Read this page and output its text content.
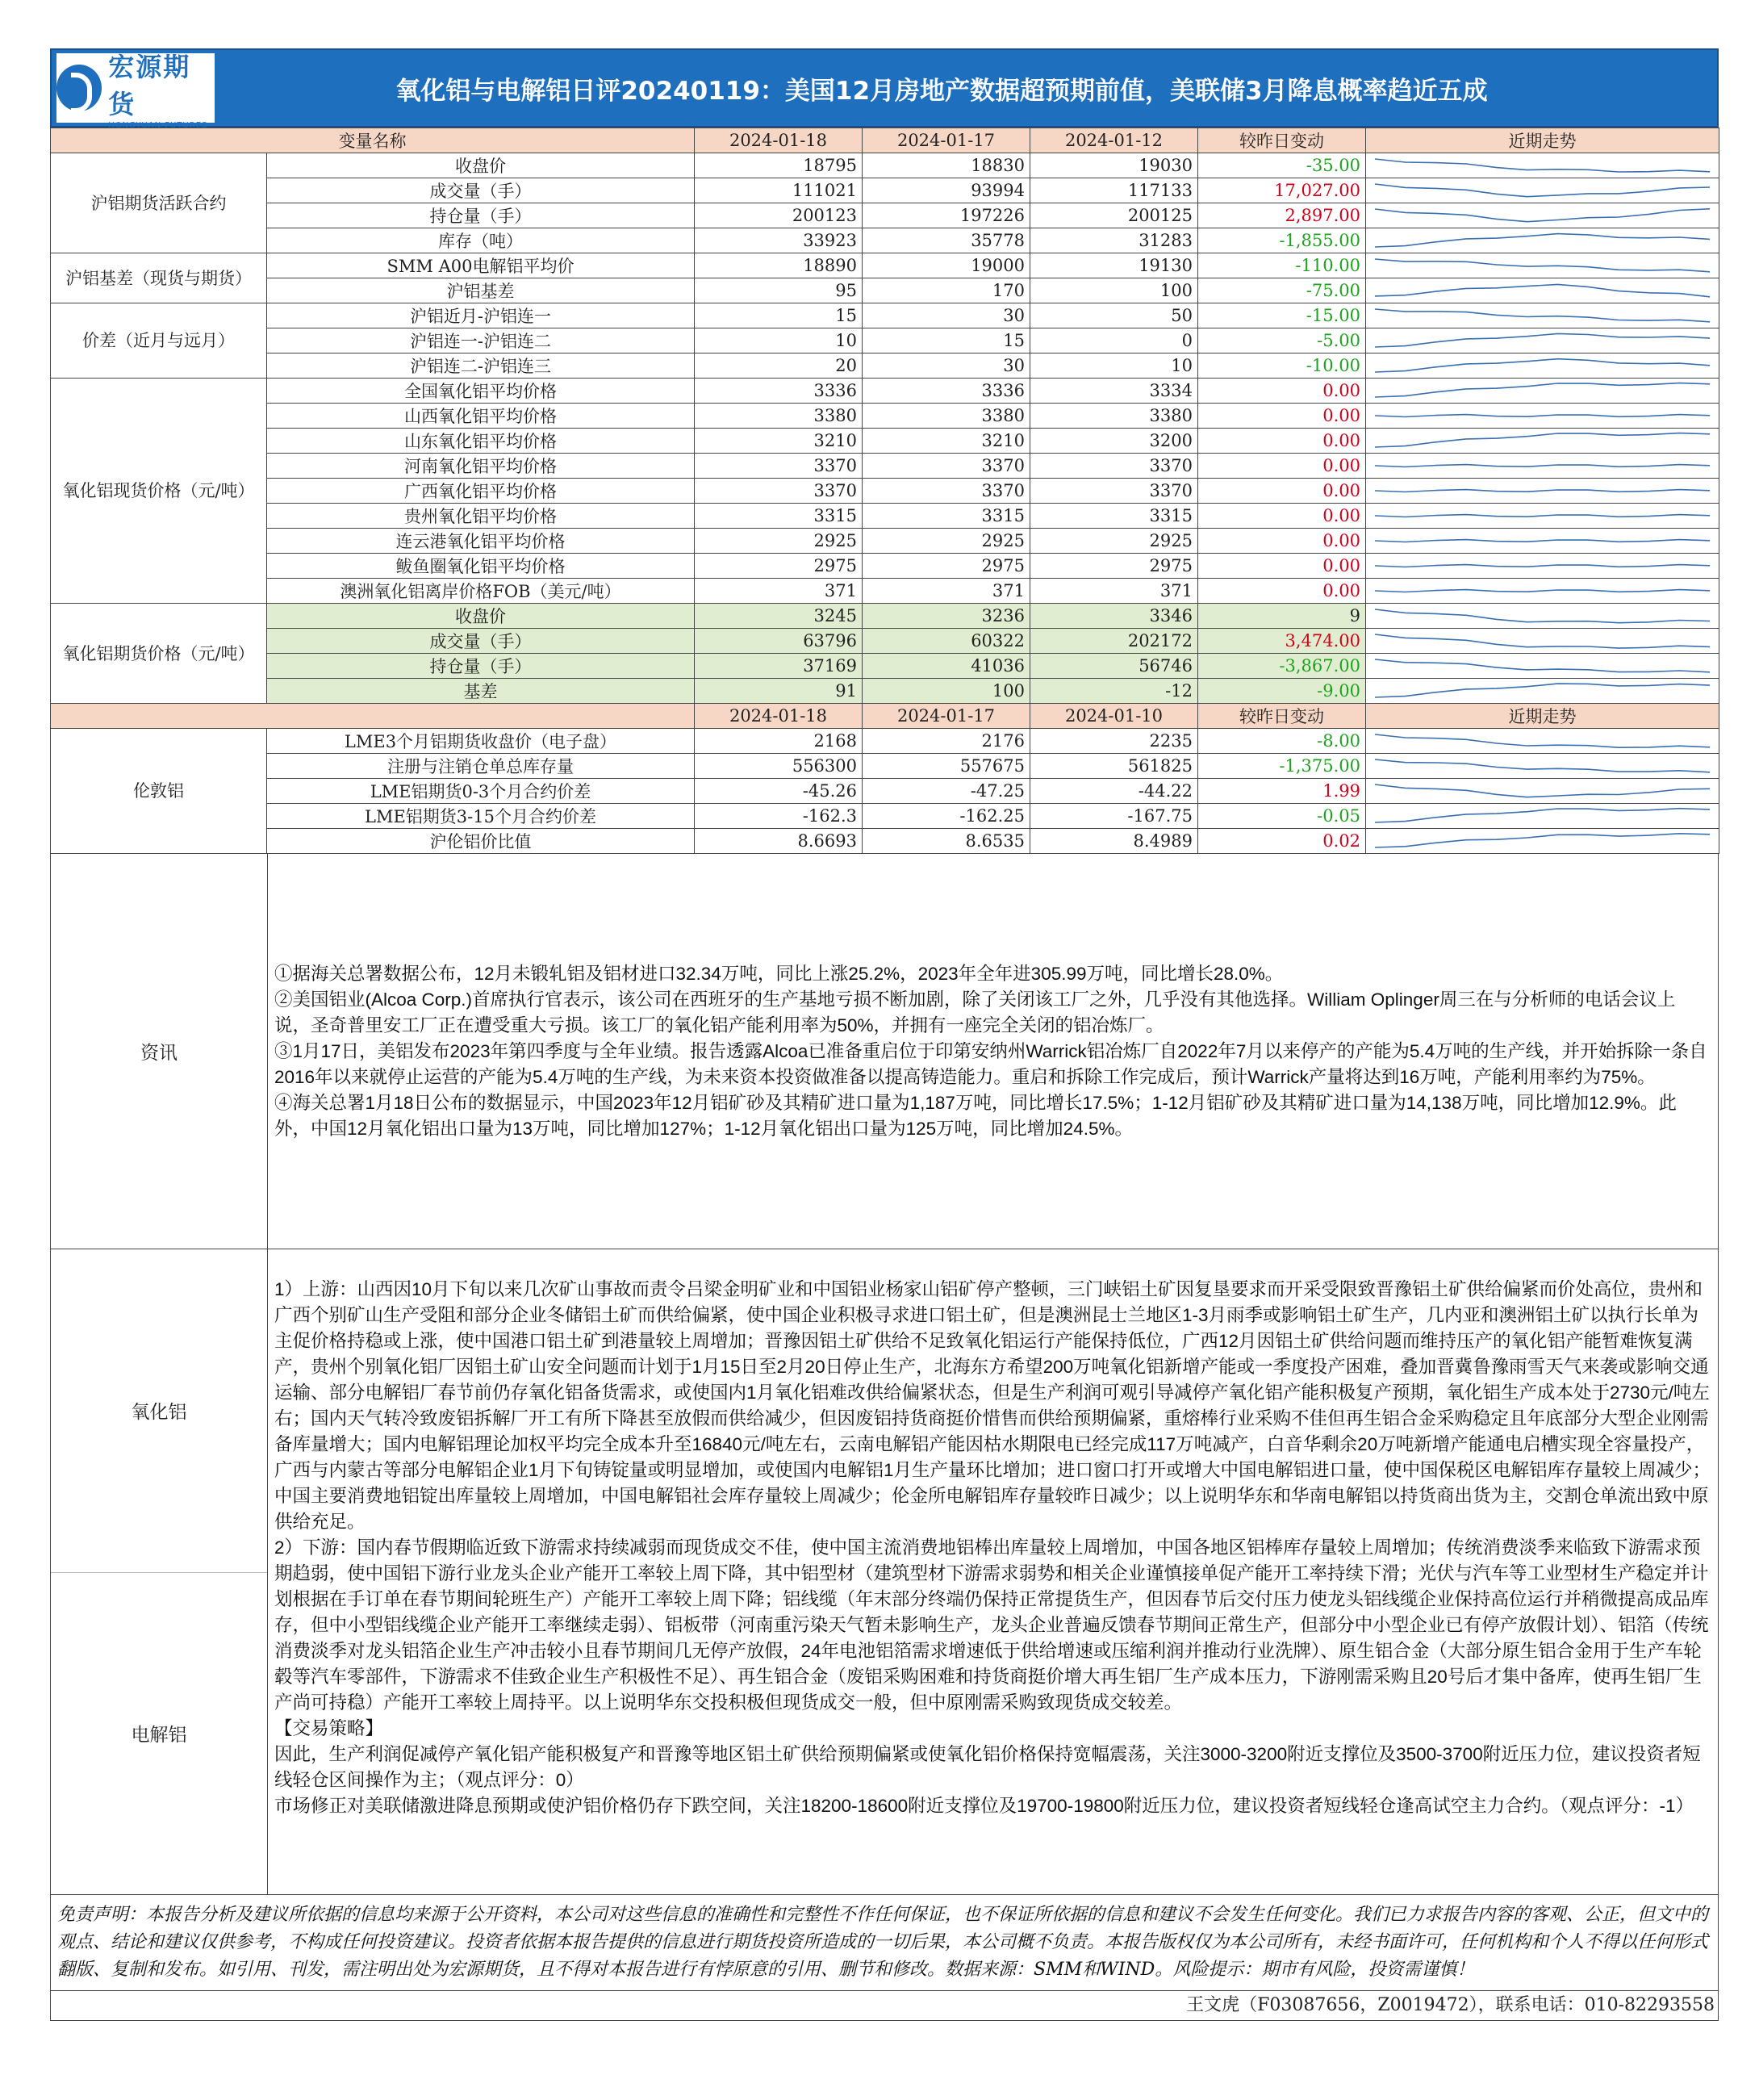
宏源期货
HONGYUAN FUTURES
氧化铝与电解铝日评20240119：美国12月房地产数据超预期前值，美联储3月降息概率趋近五成
变量名称		2024-01-18	2024-01-17	2024-01-12	较昨日变动	近期走势
沪铝期货活跃合约	收盘价	18795	18830	19030	-35.00	

	成交量（手）	111021	93994	117133	17,027.00	

	持仓量（手）	200123	197226	200125	2,897.00	

	库存（吨）	33923	35778	31283	-1,855.00	

沪铝基差（现货与期货）	SMM A00电解铝平均价	18890	19000	19130	-110.00	

	沪铝基差	95	170	100	-75.00	

价差（近月与远月）	沪铝近月-沪铝连一	15	30	50	-15.00	

	沪铝连一-沪铝连二	10	15	0	-5.00	

	沪铝连二-沪铝连三	20	30	10	-10.00	

氧化铝现货价格（元/吨）	全国氧化铝平均价格	3336	3336	3334	0.00	

	山西氧化铝平均价格	3380	3380	3380	0.00	

	山东氧化铝平均价格	3210	3210	3200	0.00	

	河南氧化铝平均价格	3370	3370	3370	0.00	

	广西氧化铝平均价格	3370	3370	3370	0.00	

	贵州氧化铝平均价格	3315	3315	3315	0.00	

	连云港氧化铝平均价格	2925	2925	2925	0.00	

	鲅鱼圈氧化铝平均价格	2975	2975	2975	0.00	

	澳洲氧化铝离岸价格FOB（美元/吨）	371	371	371	0.00	

氧化铝期货价格（元/吨）	收盘价	3245	3236	3346	9	

	成交量（手）	63796	60322	202172	3,474.00	

	持仓量（手）	37169	41036	56746	-3,867.00	

	基差	91	100	-12	-9.00	

		2024-01-18	2024-01-17	2024-01-10	较昨日变动	近期走势
伦敦铝	LME3个月铝期货收盘价（电子盘）	2168	2176	2235	-8.00	

	注册与注销仓单总库存量	556300	557675	561825	-1,375.00	

	LME铝期货0-3个月合约价差	-45.26	-47.25	-44.22	1.99	

	LME铝期货3-15个月合约价差	-162.3	-162.25	-167.75	-0.05	

	沪伦铝价比值	8.6693	8.6535	8.4989	0.02	
资讯

①据海关总署数据公布，12月未锻轧铝及铝材进口32.34万吨，同比上涨25.2%，2023年全年进305.99万吨，同比增长28.0%。

②美国铝业(Alcoa Corp.)首席执行官表示，该公司在西班牙的生产基地亏损不断加剧，除了关闭该工厂之外，几乎没有其他选择。William Oplinger周三在与分析师的电话会议上说，圣奇普里安工厂正在遭受重大亏损。该工厂的氧化铝产能利用率为50%，并拥有一座完全关闭的铝冶炼厂。

③1月17日，美铝发布2023年第四季度与全年业绩。报告透露Alcoa已准备重启位于印第安纳州Warrick铝冶炼厂自2022年7月以来停产的产能为5.4万吨的生产线，并开始拆除一条自2016年以来就停止运营的产能为5.4万吨的生产线，为未来资本投资做准备以提高铸造能力。重启和拆除工作完成后，预计Warrick产量将达到16万吨，产能利用率约为75%。

④海关总署1月18日公布的数据显示，中国2023年12月铝矿砂及其精矿进口量为1,187万吨，同比增长17.5%；1-12月铝矿砂及其精矿进口量为14,138万吨，同比增加12.9%。此外，中国12月氧化铝出口量为13万吨，同比增加127%；1-12月氧化铝出口量为125万吨，同比增加24.5%。

氧化铝
电解铝

1）上游：山西因10月下旬以来几次矿山事故而责令吕梁金明矿业和中国铝业杨家山铝矿停产整顿，三门峡铝土矿因复垦要求而开采受限致晋豫铝土矿供给偏紧而价处高位，贵州和广西个别矿山生产受阻和部分企业冬储铝土矿而供给偏紧，使中国企业积极寻求进口铝土矿，但是澳洲昆士兰地区1-3月雨季或影响铝土矿生产，几内亚和澳洲铝土矿以执行长单为主促价格持稳或上涨，使中国港口铝土矿到港量较上周增加；晋豫因铝土矿供给不足致氧化铝运行产能保持低位，广西12月因铝土矿供给问题而维持压产的氧化铝产能暂难恢复满产，贵州个别氧化铝厂因铝土矿山安全问题而计划于1月15日至2月20日停止生产，北海东方希望200万吨氧化铝新增产能或一季度投产困难，叠加晋冀鲁豫雨雪天气来袭或影响交通运输、部分电解铝厂春节前仍存氧化铝备货需求，或使国内1月氧化铝难改供给偏紧状态，但是生产利润可观引导减停产氧化铝产能积极复产预期，氧化铝生产成本处于2730元/吨左右；国内天气转冷致废铝拆解厂开工有所下降甚至放假而供给减少，但因废铝持货商挺价惜售而供给预期偏紧，重熔棒行业采购不佳但再生铝合金采购稳定且年底部分大型企业刚需备库量增大；国内电解铝理论加权平均完全成本升至16840元/吨左右，云南电解铝产能因枯水期限电已经完成117万吨减产，白音华剩余20万吨新增产能通电启槽实现全容量投产，广西与内蒙古等部分电解铝企业1月下旬铸锭量或明显增加，或使国内电解铝1月生产量环比增加；进口窗口打开或增大中国电解铝进口量，使中国保税区电解铝库存量较上周减少；中国主要消费地铝锭出库量较上周增加，中国电解铝社会库存量较上周减少；伦金所电解铝库存量较昨日减少；以上说明华东和华南电解铝以持货商出货为主，交割仓单流出致中原供给充足。

2）下游：国内春节假期临近致下游需求持续减弱而现货成交不佳，使中国主流消费地铝棒出库量较上周增加，中国各地区铝棒库存量较上周增加；传统消费淡季来临致下游需求预期趋弱，使中国铝下游行业龙头企业产能开工率较上周下降，其中铝型材（建筑型材下游需求弱势和相关企业谨慎接单促产能开工率持续下滑；光伏与汽车等工业型材生产稳定并计划根据在手订单在春节期间轮班生产）产能开工率较上周下降；铝线缆（年末部分终端仍保持正常提货生产，但因春节后交付压力使龙头铝线缆企业保持高位运行并稍微提高成品库存，但中小型铝线缆企业产能开工率继续走弱）、铝板带（河南重污染天气暂未影响生产，龙头企业普遍反馈春节期间正常生产，但部分中小型企业已有停产放假计划）、铝箔（传统消费淡季对龙头铝箔企业生产冲击较小且春节期间几无停产放假，24年电池铝箔需求增速低于供给增速或压缩利润并推动行业洗牌）、原生铝合金（大部分原生铝合金用于生产车轮毂等汽车零部件，下游需求不佳致企业生产积极性不足）、再生铝合金（废铝采购困难和持货商挺价增大再生铝厂生产成本压力，下游刚需采购且20号后才集中备库，使再生铝厂生产尚可持稳）产能开工率较上周持平。以上说明华东交投积极但现货成交一般，但中原刚需采购致现货成交较差。

【交易策略】

因此，生产利润促减停产氧化铝产能积极复产和晋豫等地区铝土矿供给预期偏紧或使氧化铝价格保持宽幅震荡，关注3000-3200附近支撑位及3500-3700附近压力位，建议投资者短线轻仓区间操作为主；（观点评分：0）

市场修正对美联储激进降息预期或使沪铝价格仍存下跌空间，关注18200-18600附近支撑位及19700-19800附近压力位，建议投资者短线轻仓逢高试空主力合约。（观点评分：-1）

免责声明：本报告分析及建议所依据的信息均来源于公开资料，本公司对这些信息的准确性和完整性不作任何保证，也不保证所依据的信息和建议不会发生任何变化。我们已力求报告内容的客观、公正，但文中的观点、结论和建议仅供参考，不构成任何投资建议。投资者依据本报告提供的信息进行期货投资所造成的一切后果，本公司概不负责。本报告版权仅为本公司所有，未经书面许可，任何机构和个人不得以任何形式翻版、复制和发布。如引用、刊发，需注明出处为宏源期货，且不得对本报告进行有悖原意的引用、删节和修改。数据来源：SMM和WIND。风险提示：期市有风险，投资需谨慎！
王文虎（F03087656，Z0019472），联系电话：010-82293558
